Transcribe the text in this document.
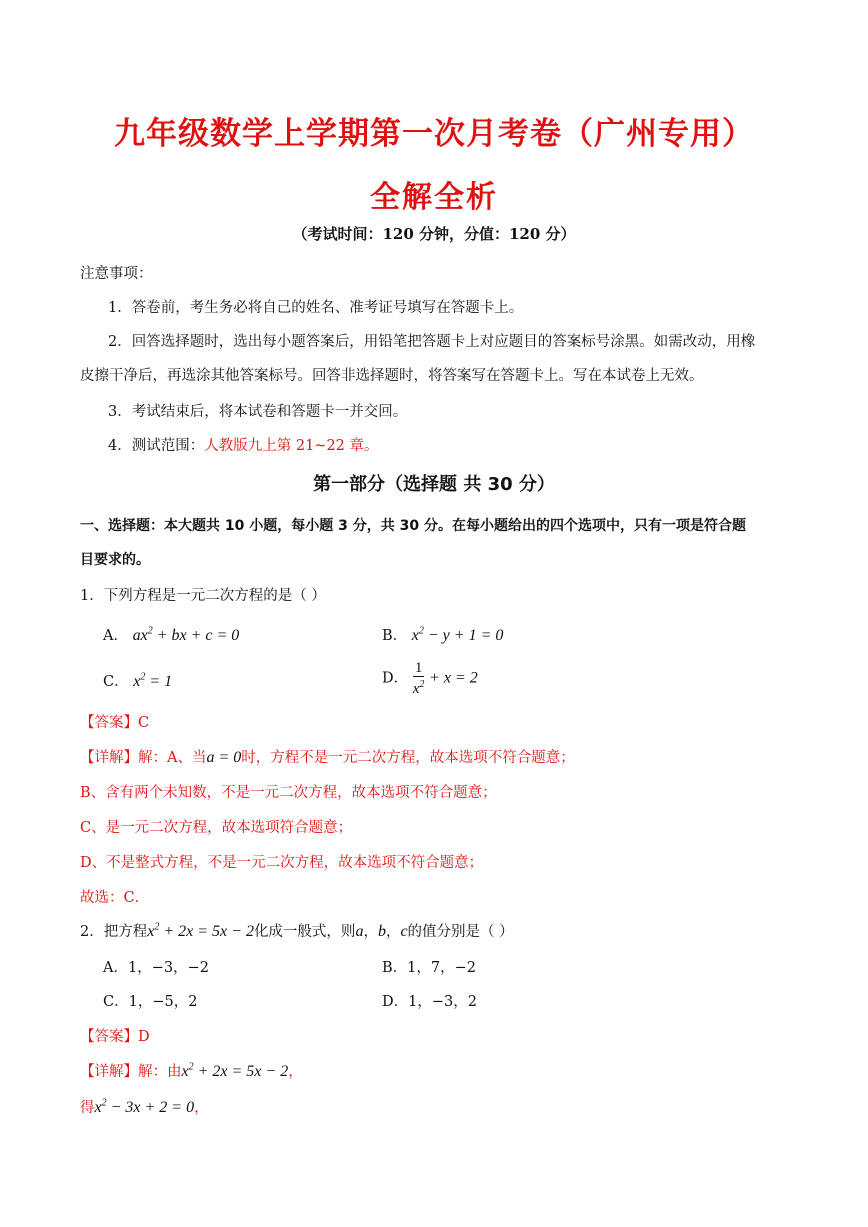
九年级数学上学期第一次月考卷（广州专用）
全解全析
（考试时间：120 分钟，分值：120 分）
注意事项：
1．答卷前，考生务必将自己的姓名、准考证号填写在答题卡上。
2．回答选择题时，选出每小题答案后，用铅笔把答题卡上对应题目的答案标号涂黑。如需改动，用橡
皮擦干净后，再选涂其他答案标号。回答非选择题时，将答案写在答题卡上。写在本试卷上无效。
3．考试结束后，将本试卷和答题卡一并交回。
4．测试范围：人教版九上第 21~22 章。
第一部分（选择题 共 30 分）
一、选择题：本大题共 10 小题，每小题 3 分，共 30 分。在每小题给出的四个选项中，只有一项是符合题
目要求的。
1．下列方程是一元二次方程的是（ ）
A． $ax^2$ + bx + c = 0	B． $x^2 - y + 1 = 0$
C． $x^2 = 1$	D． $\frac{1}{x^2} + x = 2$
【答案】C
【详解】解：A、当a = 0时，方程不是一元二次方程，故本选项不符合题意；
B、含有两个未知数，不是一元二次方程，故本选项不符合题意；
C、是一元二次方程，故本选项符合题意；
D、不是整式方程，不是一元二次方程，故本选项不符合题意；
故选：C．
2．把方程$x^2 + 2x = 5x - 2$化成一般式，则a，b，c的值分别是（ ）
A．1，−3，−2	B．1，7，−2
C．1，−5，2	D．1，−3，2
【答案】D
【详解】解：由$x^2 + 2x = 5x - 2$，
得$x^2 - 3x + 2 = 0$，
